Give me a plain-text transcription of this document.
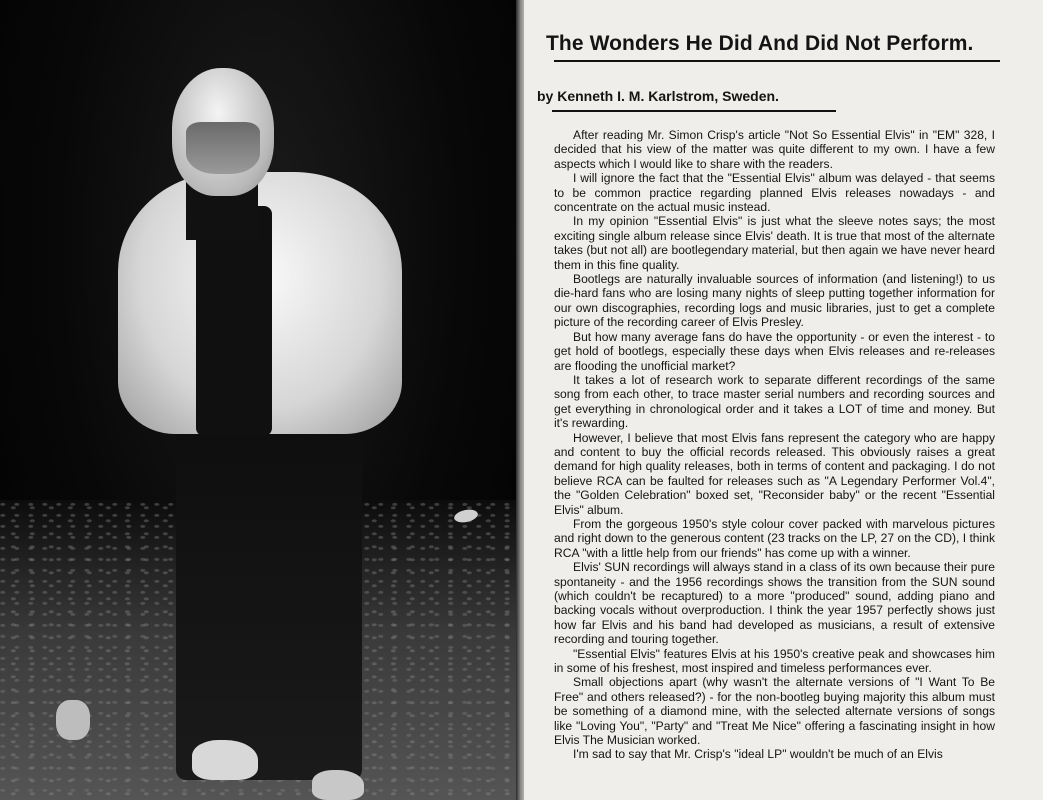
The Wonders He Did And Did Not Perform.
by Kenneth I. M. Karlstrom, Sweden.

After reading Mr. Simon Crisp's article "Not So Essential Elvis" in "EM" 328, I decided that his view of the matter was quite different to my own. I have a few aspects which I would like to share with the readers.

I will ignore the fact that the "Essential Elvis" album was delayed - that seems to be common practice regarding planned Elvis releases nowadays - and concentrate on the actual music instead.

In my opinion "Essential Elvis" is just what the sleeve notes says; the most exciting single album release since Elvis' death. It is true that most of the alternate takes (but not all) are bootlegendary material, but then again we have never heard them in this fine quality.

Bootlegs are naturally invaluable sources of information (and listening!) to us die-hard fans who are losing many nights of sleep putting together information for our own discographies, recording logs and music libraries, just to get a complete picture of the recording career of Elvis Presley.

But how many average fans do have the opportunity - or even the interest - to get hold of bootlegs, especially these days when Elvis releases and re-releases are flooding the unofficial market?

It takes a lot of research work to separate different recordings of the same song from each other, to trace master serial numbers and recording sources and get everything in chronological order and it takes a LOT of time and money. But it's rewarding.

However, I believe that most Elvis fans represent the category who are happy and content to buy the official records released. This obviously raises a great demand for high quality releases, both in terms of content and packaging. I do not believe RCA can be faulted for releases such as "A Legendary Performer Vol.4", the "Golden Celebration" boxed set, "Reconsider baby" or the recent "Essential Elvis" album.

From the gorgeous 1950's style colour cover packed with marvelous pictures and right down to the generous content (23 tracks on the LP, 27 on the CD), I think RCA "with a little help from our friends" has come up with a winner.

Elvis' SUN recordings will always stand in a class of its own because their pure spontaneity - and the 1956 recordings shows the transition from the SUN sound (which couldn't be recaptured) to a more "produced" sound, adding piano and backing vocals without overproduction. I think the year 1957 perfectly shows just how far Elvis and his band had developed as musicians, a result of extensive recording and touring together.

"Essential Elvis" features Elvis at his 1950's creative peak and showcases him in some of his freshest, most inspired and timeless performances ever.

Small objections apart (why wasn't the alternate versions of "I Want To Be Free" and others released?) - for the non-bootleg buying majority this album must be something of a diamond mine, with the selected alternate versions of songs like "Loving You", "Party" and "Treat Me Nice" offering a fascinating insight in how Elvis The Musician worked.

I'm sad to say that Mr. Crisp's "ideal LP" wouldn't be much of an Elvis
